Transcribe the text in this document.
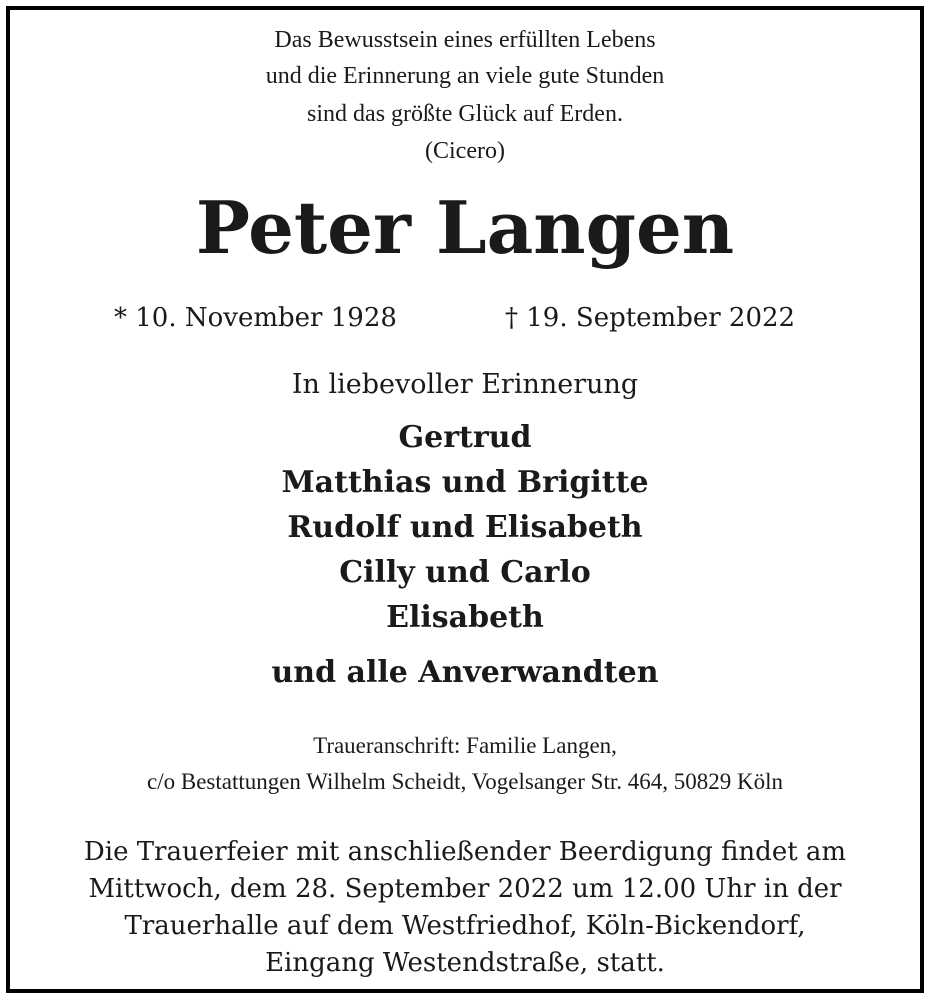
Das Bewusstsein eines erfüllten Lebens
und die Erinnerung an viele gute Stunden
sind das größte Glück auf Erden.
(Cicero)
Peter Langen
* 10. November 1928	† 19. September 2022
In liebevoller Erinnerung
Gertrud
Matthias und Brigitte
Rudolf und Elisabeth
Cilly und Carlo
Elisabeth
und alle Anverwandten
Traueranschrift: Familie Langen,
c/o Bestattungen Wilhelm Scheidt, Vogelsanger Str. 464, 50829 Köln
Die Trauerfeier mit anschließender Beerdigung findet am
Mittwoch, dem 28. September 2022 um 12.00 Uhr in der
Trauerhalle auf dem Westfriedhof, Köln-Bickendorf,
Eingang Westendstraße, statt.
